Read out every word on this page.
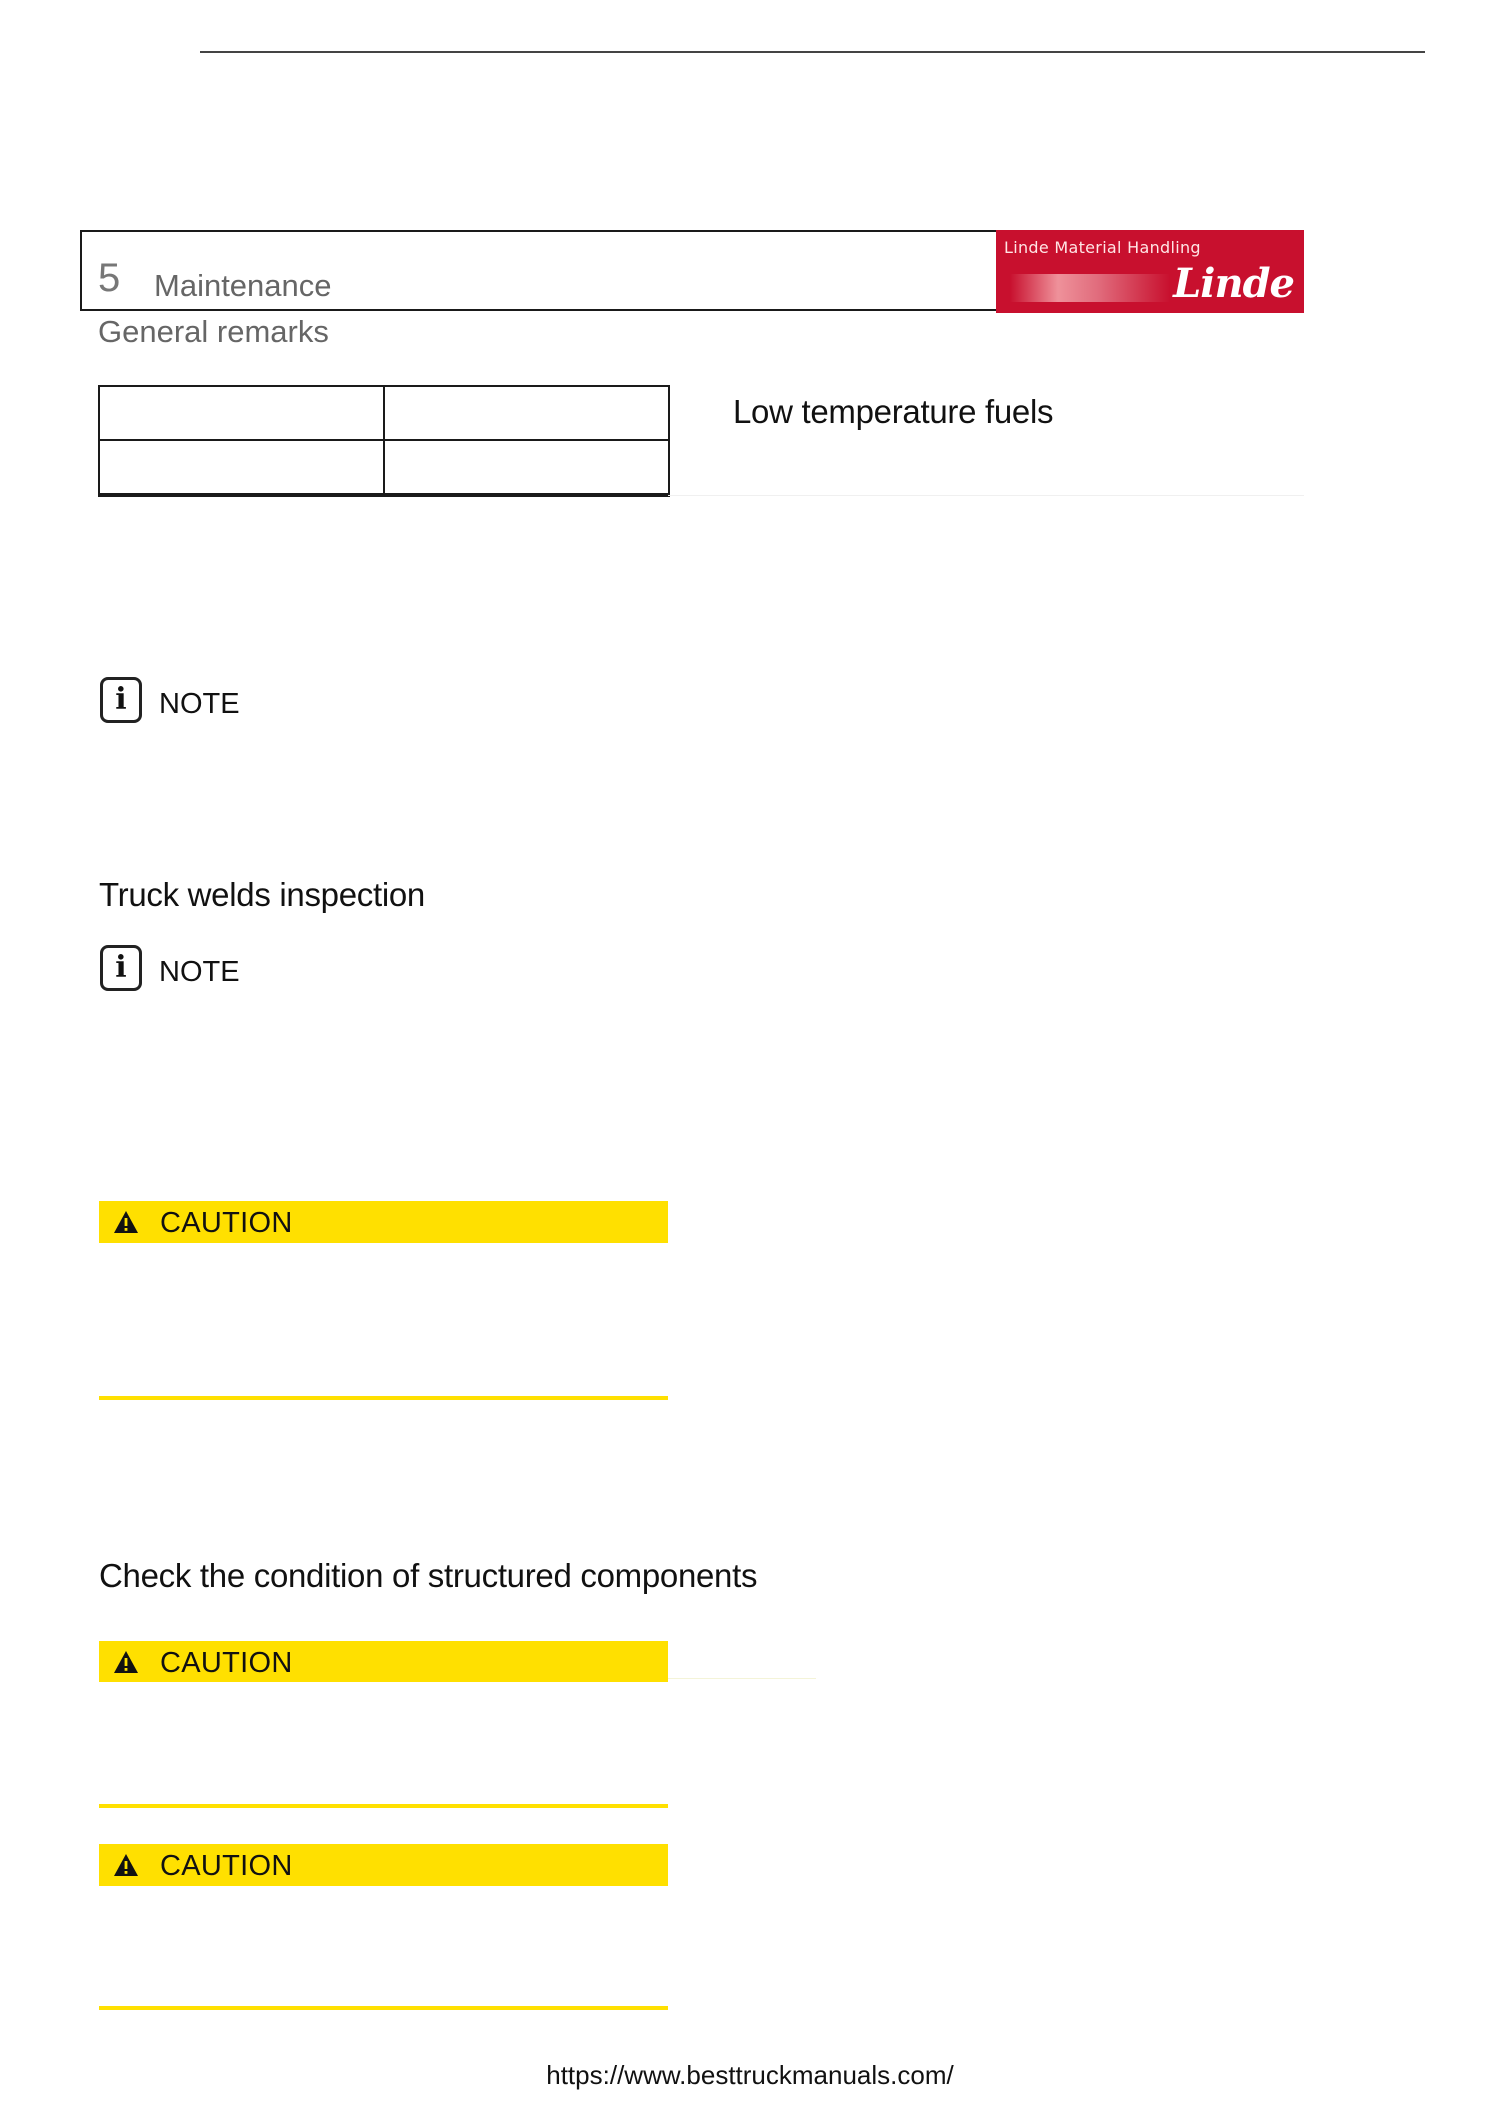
5 Maintenance
General remarks
Linde Material Handling
Linde

Low temperature fuels
i	NOTE
Truck welds inspection
i	NOTE
CAUTION
Check the condition of structured components
CAUTION
CAUTION
https://www.besttruckmanuals.com/
